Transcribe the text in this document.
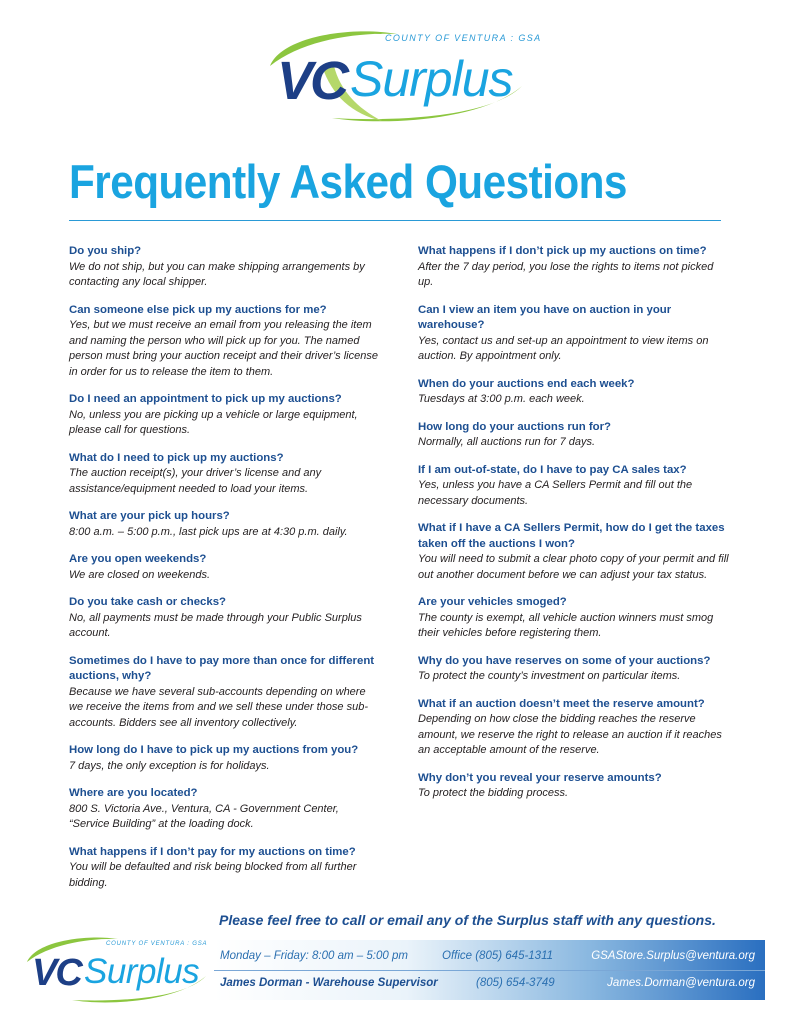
COUNTY OF VENTURA : GSA
VC Surplus
Frequently Asked Questions
Do you ship?
We do not ship, but you can make shipping arrangements by contacting any local shipper.
Can someone else pick up my auctions for me?
Yes, but we must receive an email from you releasing the item and naming the person who will pick up for you. The named person must bring your auction receipt and their driver’s license in order for us to release the item to them.
Do I need an appointment to pick up my auctions?
No, unless you are picking up a vehicle or large equipment, please call for questions.
What do I need to pick up my auctions?
The auction receipt(s), your driver’s license and any assistance/equipment needed to load your items.
What are your pick up hours?
8:00 a.m. – 5:00 p.m., last pick ups are at 4:30 p.m. daily.
Are you open weekends?
We are closed on weekends.
Do you take cash or checks?
No, all payments must be made through your Public Surplus account.
Sometimes do I have to pay more than once for different auctions, why?
Because we have several sub-accounts depending on where we receive the items from and we sell these under those sub-accounts. Bidders see all inventory collectively.
How long do I have to pick up my auctions from you?
7 days, the only exception is for holidays.
Where are you located?
800 S. Victoria Ave., Ventura, CA - Government Center, “Service Building” at the loading dock.
What happens if I don’t pay for my auctions on time?
You will be defaulted and risk being blocked from all further bidding.
What happens if I don’t pick up my auctions on time?
After the 7 day period, you lose the rights to items not picked up.
Can I view an item you have on auction in your warehouse?
Yes, contact us and set-up an appointment to view items on auction. By appointment only.
When do your auctions end each week?
Tuesdays at 3:00 p.m. each week.
How long do your auctions run for?
Normally, all auctions run for 7 days.
If I am out-of-state, do I have to pay CA sales tax?
Yes, unless you have a CA Sellers Permit and fill out the necessary documents.
What if I have a CA Sellers Permit, how do I get the taxes taken off the auctions I won?
You will need to submit a clear photo copy of your permit and fill out another document before we can adjust your tax status.
Are your vehicles smoged?
The county is exempt, all vehicle auction winners must smog their vehicles before registering them.
Why do you have reserves on some of your auctions?
To protect the county’s investment on particular items.
What if an auction doesn’t meet the reserve amount?
Depending on how close the bidding reaches the reserve amount, we reserve the right to release an auction if it reaches an acceptable amount of the reserve.
Why don’t you reveal your reserve amounts?
To protect the bidding process.
Please feel free to call or email any of the Surplus staff with any questions.
COUNTY OF VENTURA : GSA
VC Surplus Monday – Friday: 8:00 am – 5:00 pm	Office (805) 645-1311	GSAStore.Surplus@ventura.org
James Dorman - Warehouse Supervisor	(805) 654-3749	James.Dorman@ventura.org
